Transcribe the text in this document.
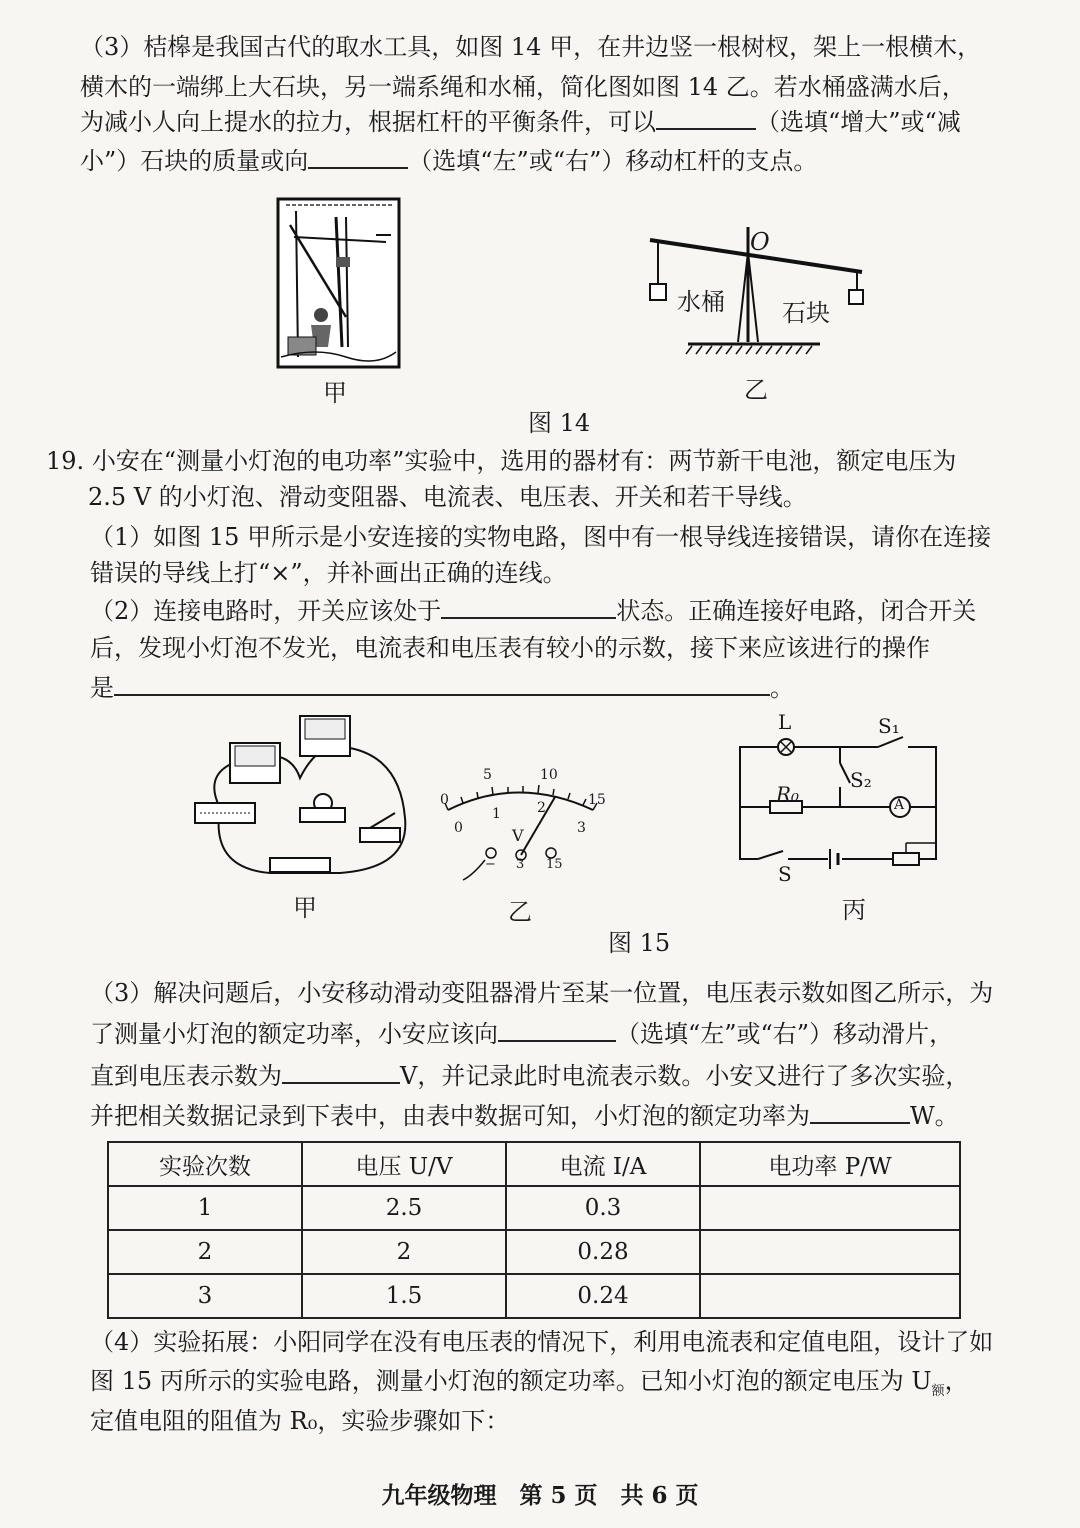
（3）桔槔是我国古代的取水工具，如图 14 甲，在井边竖一根树杈，架上一根横木，
横木的一端绑上大石块，另一端系绳和水桶，简化图如图 14 乙。若水桶盛满水后，
为减小人向上提水的拉力，根据杠杆的平衡条件，可以	（选填“增大”或“减
小”）石块的质量或向	（选填“左”或“右”）移动杠杆的支点。
甲
O
水桶 石块
乙
图 14
19. 小安在“测量小灯泡的电功率”实验中，选用的器材有：两节新干电池，额定电压为
2.5 V 的小灯泡、滑动变阻器、电流表、电压表、开关和若干导线。
（1）如图 15 甲所示是小安连接的实物电路，图中有一根导线连接错误，请你在连接
错误的导线上打“×”，并补画出正确的连线。
（2）连接电路时，开关应该处于	状态。正确连接好电路，闭合开关
后，发现小灯泡不发光，电流表和电压表有较小的示数，接下来应该进行的操作
是	。
甲
0
5	10
15
0
1	2
3
V
− 3 15
乙
L	S₁
S₂
R₀	A
S
丙
图 15
（3）解决问题后，小安移动滑动变阻器滑片至某一位置，电压表示数如图乙所示，为
了测量小灯泡的额定功率，小安应该向	（选填“左”或“右”）移动滑片，
直到电压表示数为	V，并记录此时电流表示数。小安又进行了多次实验，
并把相关数据记录到下表中，由表中数据可知，小灯泡的额定功率为	W。
实验次数	电压 U/V	电流 I/A	电功率 P/W
1	2.5	0.3	
2	2	0.28	
3	1.5	0.24	
（4）实验拓展：小阳同学在没有电压表的情况下，利用电流表和定值电阻，设计了如
图 15 丙所示的实验电路，测量小灯泡的额定功率。已知小灯泡的额定电压为 $U_额$，
定值电阻的阻值为 R₀，实验步骤如下：
九年级物理　第 5 页　共 6 页
